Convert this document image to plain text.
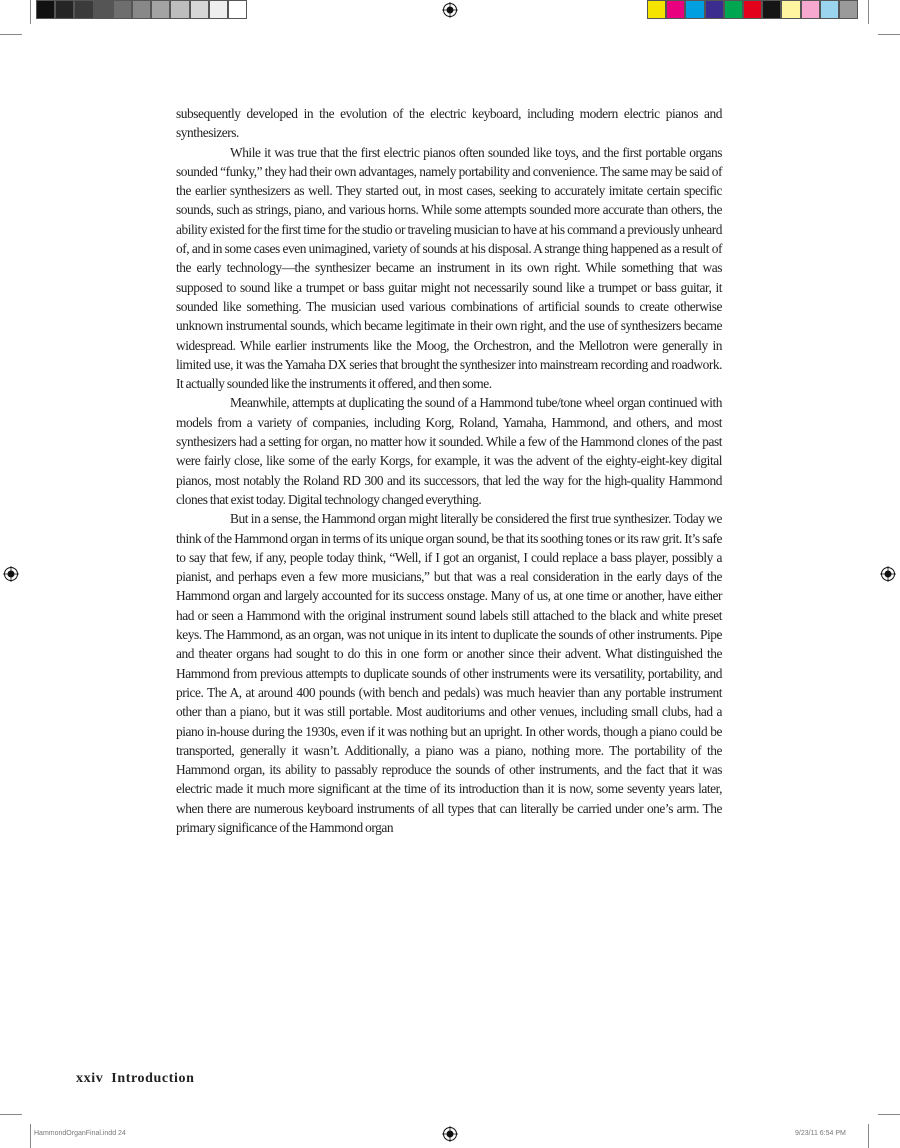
subsequently developed in the evolution of the electric keyboard, including modern electric pianos and synthesizers.

While it was true that the first electric pianos often sounded like toys, and the first portable organs sounded “funky,” they had their own advantages, namely portability and convenience. The same may be said of the earlier synthesizers as well. They started out, in most cases, seeking to accurately imitate certain specific sounds, such as strings, piano, and various horns. While some attempts sounded more accurate than others, the ability existed for the first time for the studio or traveling musician to have at his command a previously unheard of, and in some cases even unimagined, variety of sounds at his disposal. A strange thing happened as a result of the early technology—the synthesizer became an instrument in its own right. While something that was supposed to sound like a trumpet or bass guitar might not necessarily sound like a trumpet or bass guitar, it sounded like something. The musician used various combinations of artificial sounds to create otherwise unknown instrumental sounds, which became legitimate in their own right, and the use of synthesizers became widespread. While earlier instruments like the Moog, the Orchestron, and the Mellotron were generally in limited use, it was the Yamaha DX series that brought the synthesizer into mainstream recording and roadwork. It actually sounded like the instruments it offered, and then some.

Meanwhile, attempts at duplicating the sound of a Hammond tube/tone wheel organ continued with models from a variety of companies, including Korg, Roland, Yamaha, Hammond, and others, and most synthesizers had a setting for organ, no matter how it sounded. While a few of the Hammond clones of the past were fairly close, like some of the early Korgs, for example, it was the advent of the eighty-eight-key digital pianos, most notably the Roland RD 300 and its successors, that led the way for the high-quality Hammond clones that exist today. Digital technology changed everything.

But in a sense, the Hammond organ might literally be considered the first true synthesizer. Today we think of the Hammond organ in terms of its unique organ sound, be that its soothing tones or its raw grit. It’s safe to say that few, if any, people today think, “Well, if I got an organist, I could replace a bass player, possibly a pianist, and perhaps even a few more musicians,” but that was a real consideration in the early days of the Hammond organ and largely accounted for its success onstage. Many of us, at one time or another, have either had or seen a Hammond with the original instrument sound labels still attached to the black and white preset keys. The Hammond, as an organ, was not unique in its intent to duplicate the sounds of other instruments. Pipe and theater organs had sought to do this in one form or another since their advent. What distinguished the Hammond from previous attempts to duplicate sounds of other instruments were its versatility, portability, and price. The A, at around 400 pounds (with bench and pedals) was much heavier than any portable instrument other than a piano, but it was still portable. Most auditoriums and other venues, including small clubs, had a piano in-house during the 1930s, even if it was nothing but an upright. In other words, though a piano could be transported, generally it wasn’t. Additionally, a piano was a piano, nothing more. The portability of the Hammond organ, its ability to passably reproduce the sounds of other instruments, and the fact that it was electric made it much more significant at the time of its introduction than it is now, some seventy years later, when there are numerous keyboard instruments of all types that can literally be carried under one’s arm. The primary significance of the Hammond organ

xxiv Introduction
HammondOrganFinal.indd 24	9/23/11 6:54 PM
